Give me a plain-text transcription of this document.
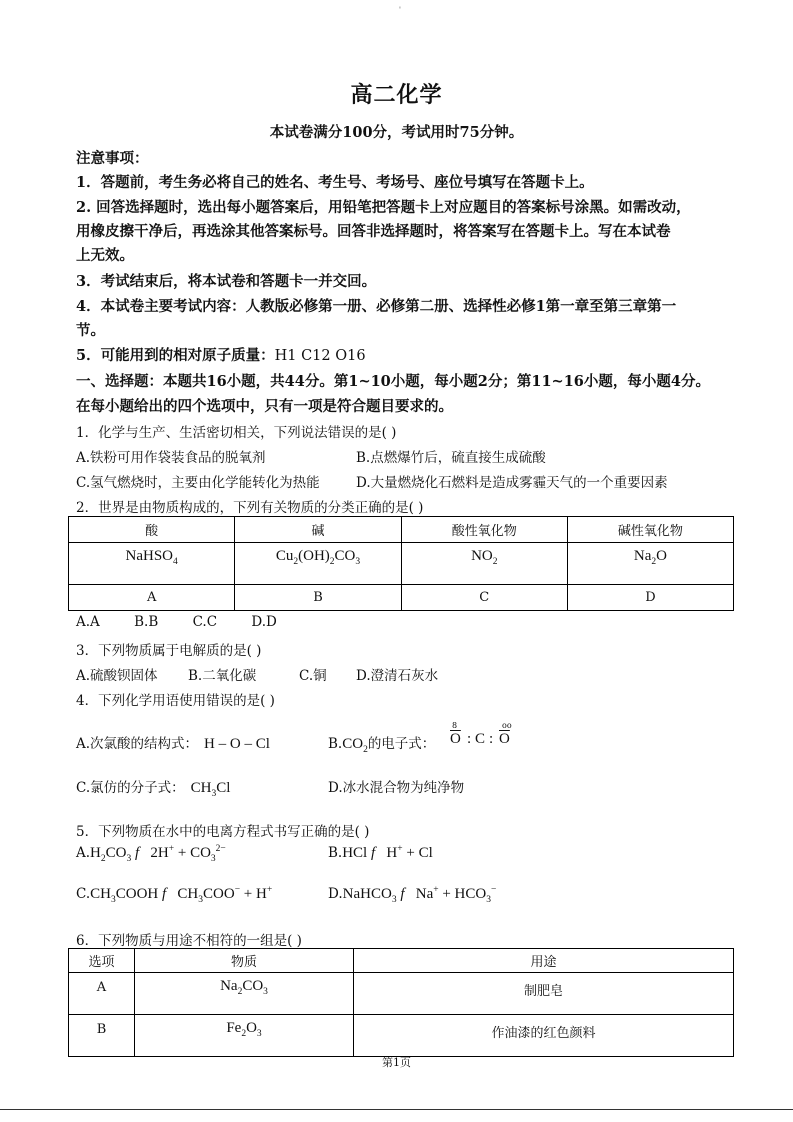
'
高二化学
本试卷满分100分，考试用时75分钟。
注意事项：
1．答题前，考生务必将自己的姓名、考生号、考场号、座位号填写在答题卡上。
2. 回答选择题时，选出每小题答案后，用铅笔把答题卡上对应题目的答案标号涂黑。如需改动，
用橡皮擦干净后，再选涂其他答案标号。回答非选择题时，将答案写在答题卡上。写在本试卷
上无效。
3．考试结束后，将本试卷和答题卡一并交回。
4．本试卷主要考试内容：人教版必修第一册、必修第二册、选择性必修1第一章至第三章第一
节。
5．可能用到的相对原子质量：H1 C12 O16
一、选择题：本题共16小题，共44分。第1~10小题，每小题2分；第11~16小题，每小题4分。
在每小题给出的四个选项中，只有一项是符合题目要求的。
1．化学与生产、生活密切相关，下列说法错误的是( )
A.铁粉可用作袋装食品的脱氧剂	B.点燃爆竹后，硫直接生成硫酸
C.氢气燃烧时，主要由化学能转化为热能	D.大量燃烧化石燃料是造成雾霾天气的一个重要因素
2．世界是由物质构成的，下列有关物质的分类正确的是( )
酸	碱	酸性氧化物	碱性氧化物

NaHSO$_4$	$Cu_2(OH)_2CO_3$	$NO_2$	$Na_2O$

A	B	C	D
A.A        B.B        C.C        D.D
3．下列物质属于电解质的是( )
A.硫酸钡固体 B.二氧化碳	C.铜 D.澄清石灰水
4．下列化学用语使用错误的是( )
A.次氯酸的结构式： H – O – Cl	$B.CO_2$的电子式： $\overline{O}$ : C : $\overline{O}$
8	oo
C.氯仿的分子式： $CH_3Cl$	D.冰水混合物为纯净物
5．下列物质在水中的电离方程式书写正确的是( )
$A.H_2CO_3$ f   $2H^+ + CO_3^{2-}$	B.HCl f   H+ + Cl
$C.CH_3COOH$ f   $CH_3COO^- + H^+$	D.NaHCO$_3$ f   $Na^+ + HCO_3^-$
6．下列物质与用途不相符的一组是( )
选项	物质	用途

A	$Na_2CO_3$	制肥皂

B	$Fe_2O_3$	作油漆的红色颜料
第1页
